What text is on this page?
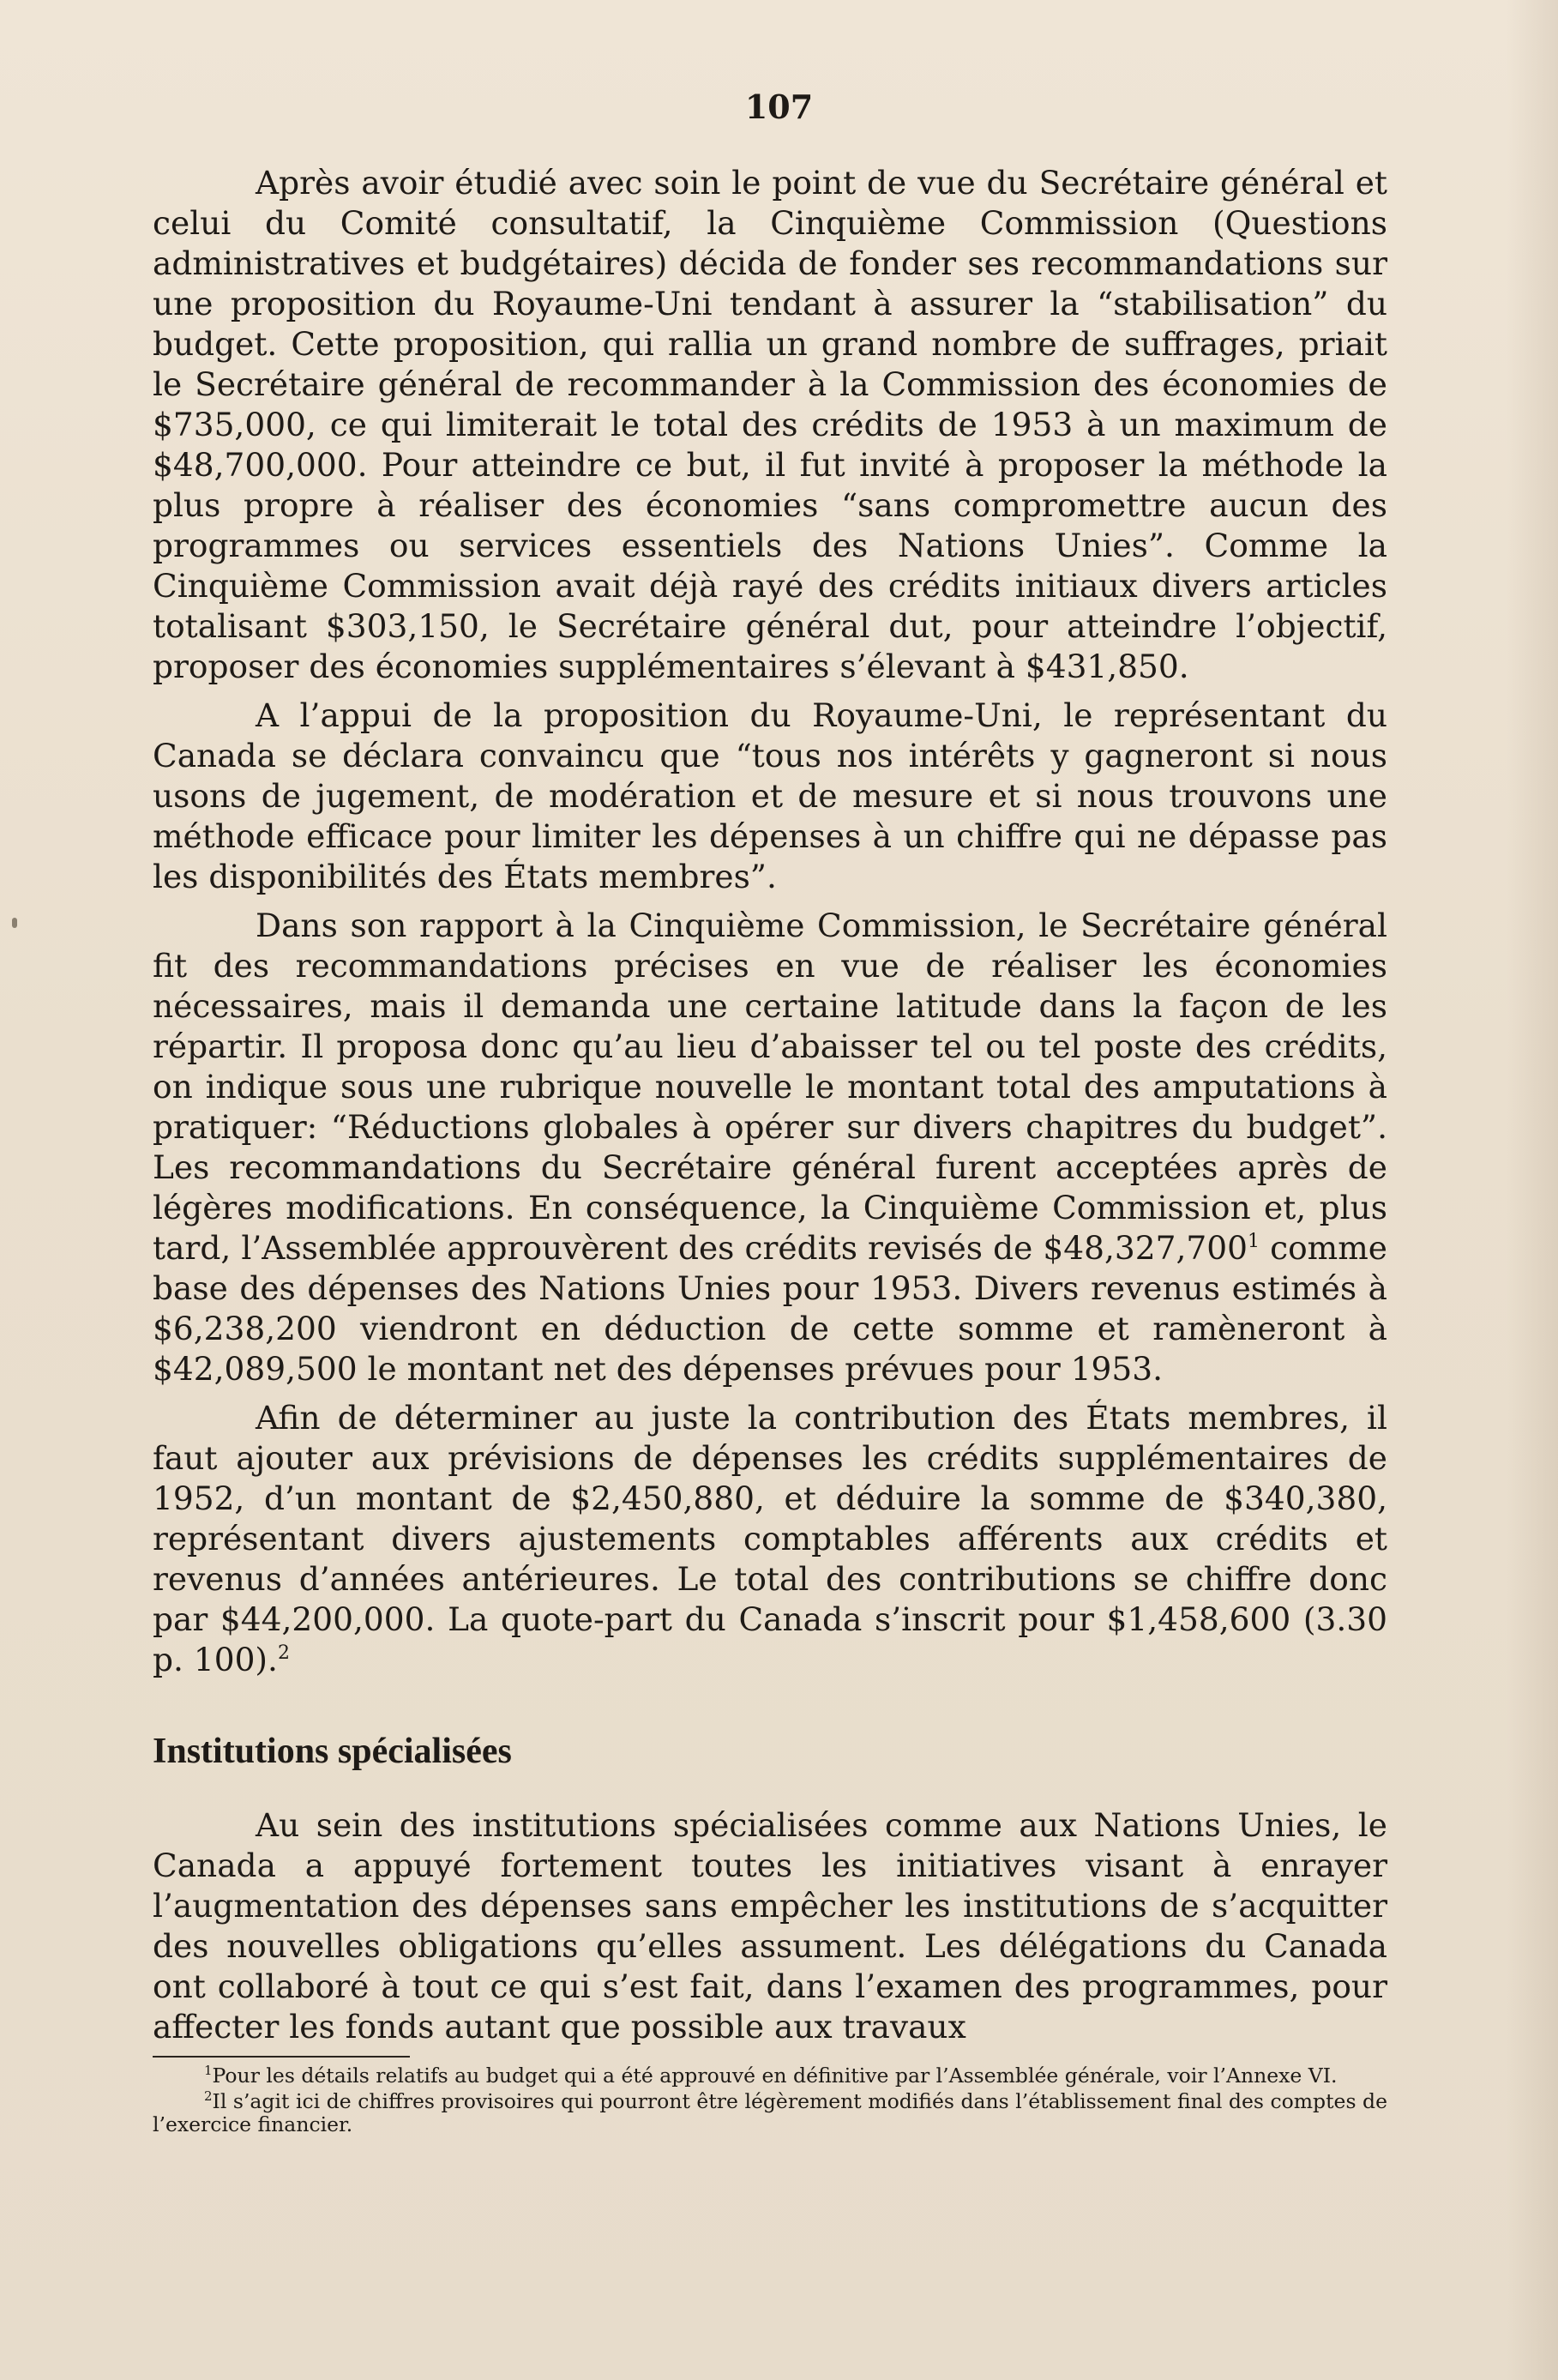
107

Après avoir étudié avec soin le point de vue du Secrétaire général et celui du Comité consultatif, la Cinquième Commission (Questions administratives et budgétaires) décida de fonder ses recommandations sur une proposition du Royaume-Uni tendant à assurer la “stabilisation” du budget. Cette proposition, qui rallia un grand nombre de suffrages, priait le Secrétaire général de recommander à la Commission des économies de $735,000, ce qui limiterait le total des crédits de 1953 à un maximum de $48,700,000. Pour atteindre ce but, il fut invité à proposer la méthode la plus propre à réaliser des économies “sans compromettre aucun des programmes ou services essentiels des Nations Unies”. Comme la Cinquième Commission avait déjà rayé des crédits initiaux divers articles totalisant $303,150, le Secrétaire général dut, pour atteindre l’objectif, proposer des économies supplémentaires s’élevant à $431,850.

A l’appui de la proposition du Royaume-Uni, le représentant du Canada se déclara convaincu que “tous nos intérêts y gagneront si nous usons de jugement, de modération et de mesure et si nous trouvons une méthode efficace pour limiter les dépenses à un chiffre qui ne dépasse pas les disponibilités des États membres”.

Dans son rapport à la Cinquième Commission, le Secrétaire général fit des recommandations précises en vue de réaliser les économies nécessaires, mais il demanda une certaine latitude dans la façon de les répartir. Il proposa donc qu’au lieu d’abaisser tel ou tel poste des crédits, on indique sous une rubrique nouvelle le montant total des amputations à pratiquer: “Réductions globales à opérer sur divers chapitres du budget”. Les recommandations du Secrétaire général furent acceptées après de légères modifications. En conséquence, la Cinquième Commission et, plus tard, l’Assemblée approuvèrent des crédits revisés de $48,327,700$^1$ comme base des dépenses des Nations Unies pour 1953. Divers revenus estimés à $6,238,200 viendront en déduction de cette somme et ramèneront à $42,089,500 le montant net des dépenses prévues pour 1953.

Afin de déterminer au juste la contribution des États membres, il faut ajouter aux prévisions de dépenses les crédits supplémentaires de 1952, d’un montant de $2,450,880, et déduire la somme de $340,380, représentant divers ajustements comptables afférents aux crédits et revenus d’années antérieures. Le total des contributions se chiffre donc par $44,200,000. La quote-part du Canada s’inscrit pour $1,458,600 (3.30 p. 100).$^2$

Institutions spécialisées

Au sein des institutions spécialisées comme aux Nations Unies, le Canada a appuyé fortement toutes les initiatives visant à enrayer l’augmentation des dépenses sans empêcher les institutions de s’acquitter des nouvelles obligations qu’elles assument. Les délégations du Canada ont collaboré à tout ce qui s’est fait, dans l’examen des programmes, pour affecter les fonds autant que possible aux travaux

$^1$Pour les détails relatifs au budget qui a été approuvé en définitive par l’Assemblée générale, voir l’Annexe VI.

$^2$Il s’agit ici de chiffres provisoires qui pourront être légèrement modifiés dans l’établissement final des comptes de l’exercice financier.
